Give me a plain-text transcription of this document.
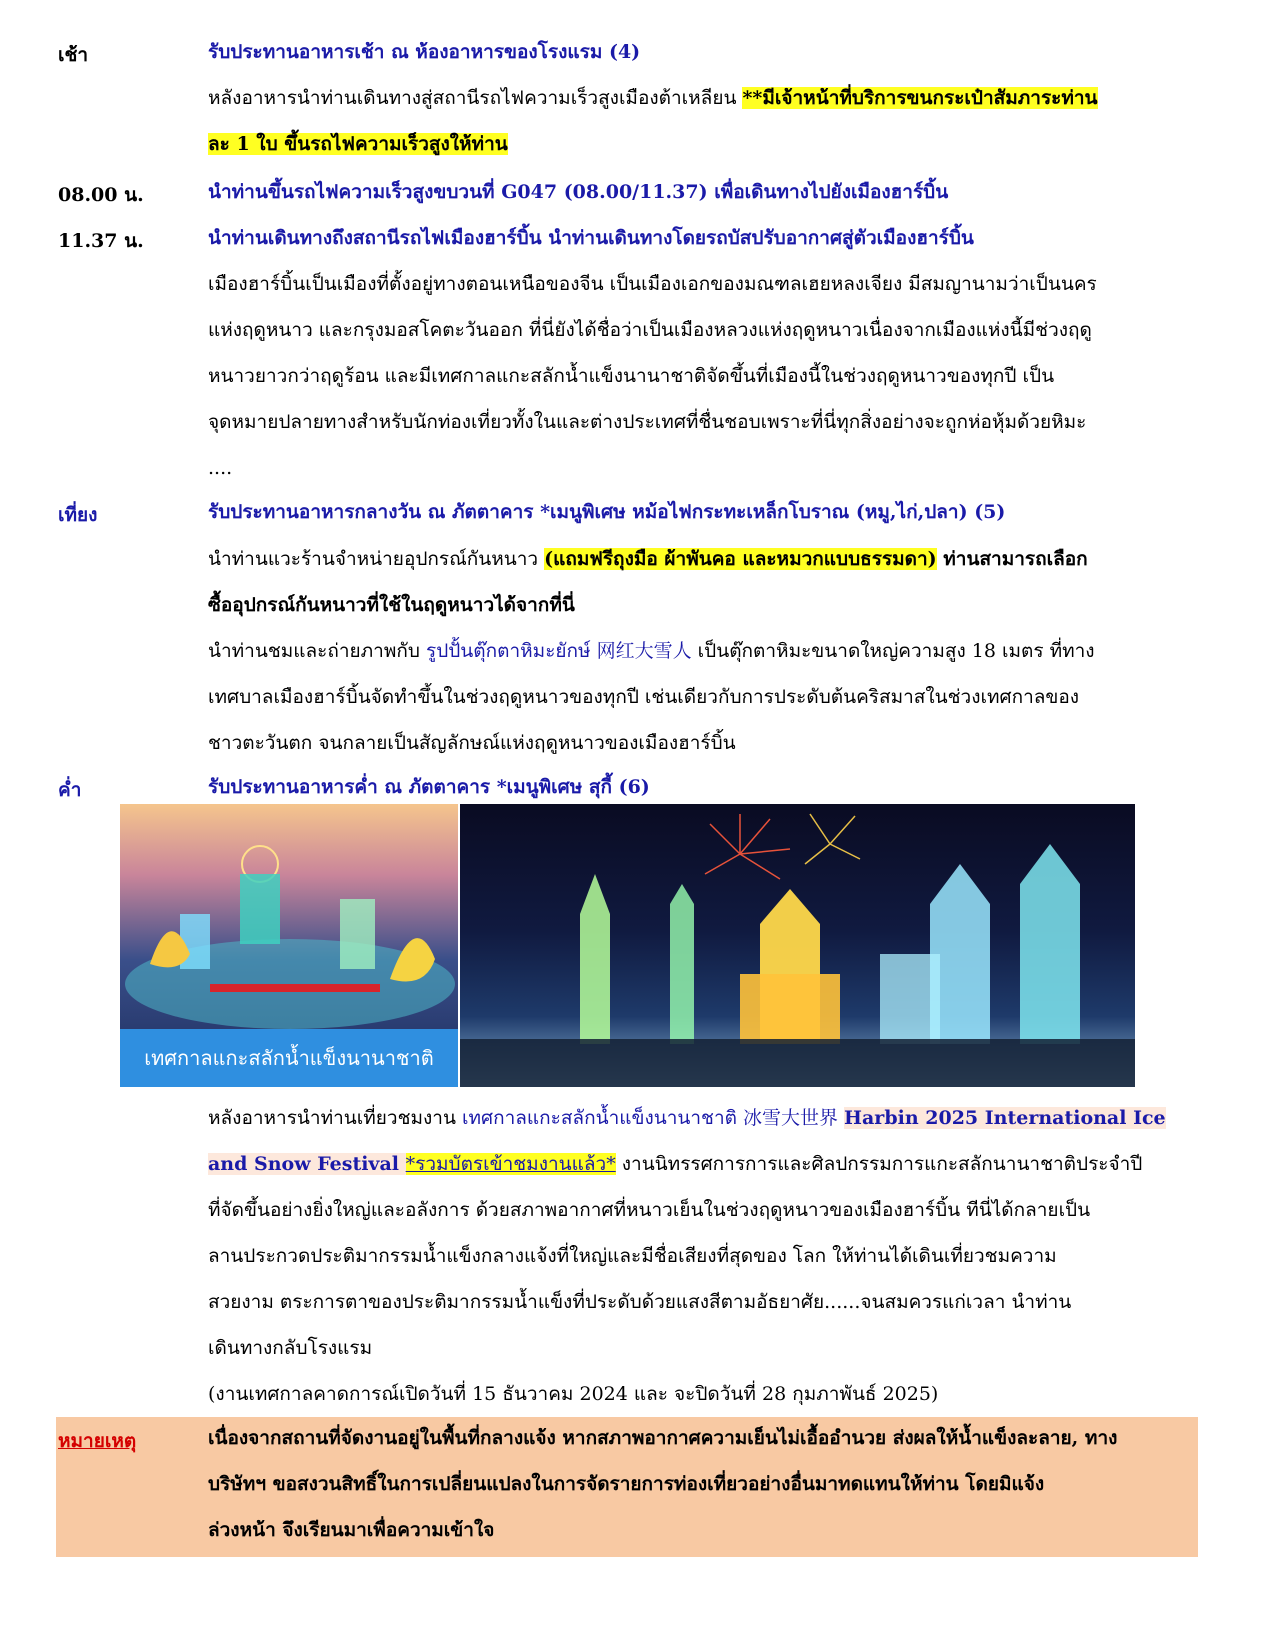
เช้า	รับประทานอาหารเช้า ณ ห้องอาหารของโรงแรม (4)
หลังอาหารนำท่านเดินทางสู่สถานีรถไฟความเร็วสูงเมืองต้าเหลียน **มีเจ้าหน้าที่บริการขนกระเป๋าสัมภาระท่าน
ละ 1 ใบ ขึ้นรถไฟความเร็วสูงให้ท่าน
08.00 น.	นำท่านขึ้นรถไฟความเร็วสูงขบวนที่ G047 (08.00/11.37) เพื่อเดินทางไปยังเมืองฮาร์บิ้น
11.37 น.	นำท่านเดินทางถึงสถานีรถไฟเมืองฮาร์บิ้น นำท่านเดินทางโดยรถบัสปรับอากาศสู่ตัวเมืองฮาร์บิ้น
เมืองฮาร์บิ้นเป็นเมืองที่ตั้งอยู่ทางตอนเหนือของจีน เป็นเมืองเอกของมณฑลเฮยหลงเจียง มีสมญานามว่าเป็นนคร
แห่งฤดูหนาว และกรุงมอสโคตะวันออก ที่นี่ยังได้ชื่อว่าเป็นเมืองหลวงแห่งฤดูหนาวเนื่องจากเมืองแห่งนี้มีช่วงฤดู
หนาวยาวกว่าฤดูร้อน และมีเทศกาลแกะสลักน้ำแข็งนานาชาติจัดขึ้นที่เมืองนี้ในช่วงฤดูหนาวของทุกปี เป็น
จุดหมายปลายทางสำหรับนักท่องเที่ยวทั้งในและต่างประเทศที่ชื่นชอบเพราะที่นี่ทุกสิ่งอย่างจะถูกห่อหุ้มด้วยหิมะ
....
เที่ยง	รับประทานอาหารกลางวัน ณ ภัตตาคาร *เมนูพิเศษ หม้อไฟกระทะเหล็กโบราณ (หมู,ไก่,ปลา) (5)
นำท่านแวะร้านจำหน่ายอุปกรณ์กันหนาว (แถมฟรีถุงมือ ผ้าพันคอ และหมวกแบบธรรมดา) ท่านสามารถเลือก
ซื้ออุปกรณ์กันหนาวที่ใช้ในฤดูหนาวได้จากที่นี่
นำท่านชมและถ่ายภาพกับ รูปปั้นตุ๊กตาหิมะยักษ์ 网红大雪人 เป็นตุ๊กตาหิมะขนาดใหญ่ความสูง 18 เมตร ที่ทาง
เทศบาลเมืองฮาร์บิ้นจัดทำขึ้นในช่วงฤดูหนาวของทุกปี เช่นเดียวกับการประดับต้นคริสมาสในช่วงเทศกาลของ
ชาวตะวันตก จนกลายเป็นสัญลักษณ์แห่งฤดูหนาวของเมืองฮาร์บิ้น
ค่ำ	รับประทานอาหารค่ำ ณ ภัตตาคาร *เมนูพิเศษ สุกี้ (6)
เทศกาลแกะสลักน้ำแข็งนานาชาติ
หลังอาหารนำท่านเที่ยวชมงาน เทศกาลแกะสลักน้ำแข็งนานาชาติ 冰雪大世界 Harbin 2025 International Ice
and Snow Festival *รวมบัตรเข้าชมงานแล้ว* งานนิทรรศการการและศิลปกรรมการแกะสลักนานาชาติประจำปี
ที่จัดขึ้นอย่างยิ่งใหญ่และอลังการ ด้วยสภาพอากาศที่หนาวเย็นในช่วงฤดูหนาวของเมืองฮาร์บิ้น ทีนี่ได้กลายเป็น
ลานประกวดประติมากรรมน้ำแข็งกลางแจ้งที่ใหญ่และมีชื่อเสียงที่สุดของ โลก ให้ท่านได้เดินเที่ยวชมความ
สวยงาม ตระการตาของประติมากรรมน้ำแข็งที่ประดับด้วยแสงสีตามอัธยาศัย......จนสมควรแก่เวลา นำท่าน
เดินทางกลับโรงแรม
(งานเทศกาลคาดการณ์เปิดวันที่ 15 ธันวาคม 2024 และ จะปิดวันที่ 28 กุมภาพันธ์ 2025)
หมายเหตุ	เนื่องจากสถานที่จัดงานอยู่ในพื้นที่กลางแจ้ง หากสภาพอากาศความเย็นไม่เอื้ออำนวย ส่งผลให้น้ำแข็งละลาย, ทาง
บริษัทฯ ขอสงวนสิทธิ์ในการเปลี่ยนแปลงในการจัดรายการท่องเที่ยวอย่างอื่นมาทดแทนให้ท่าน โดยมิแจ้ง
ล่วงหน้า จึงเรียนมาเพื่อความเข้าใจ
